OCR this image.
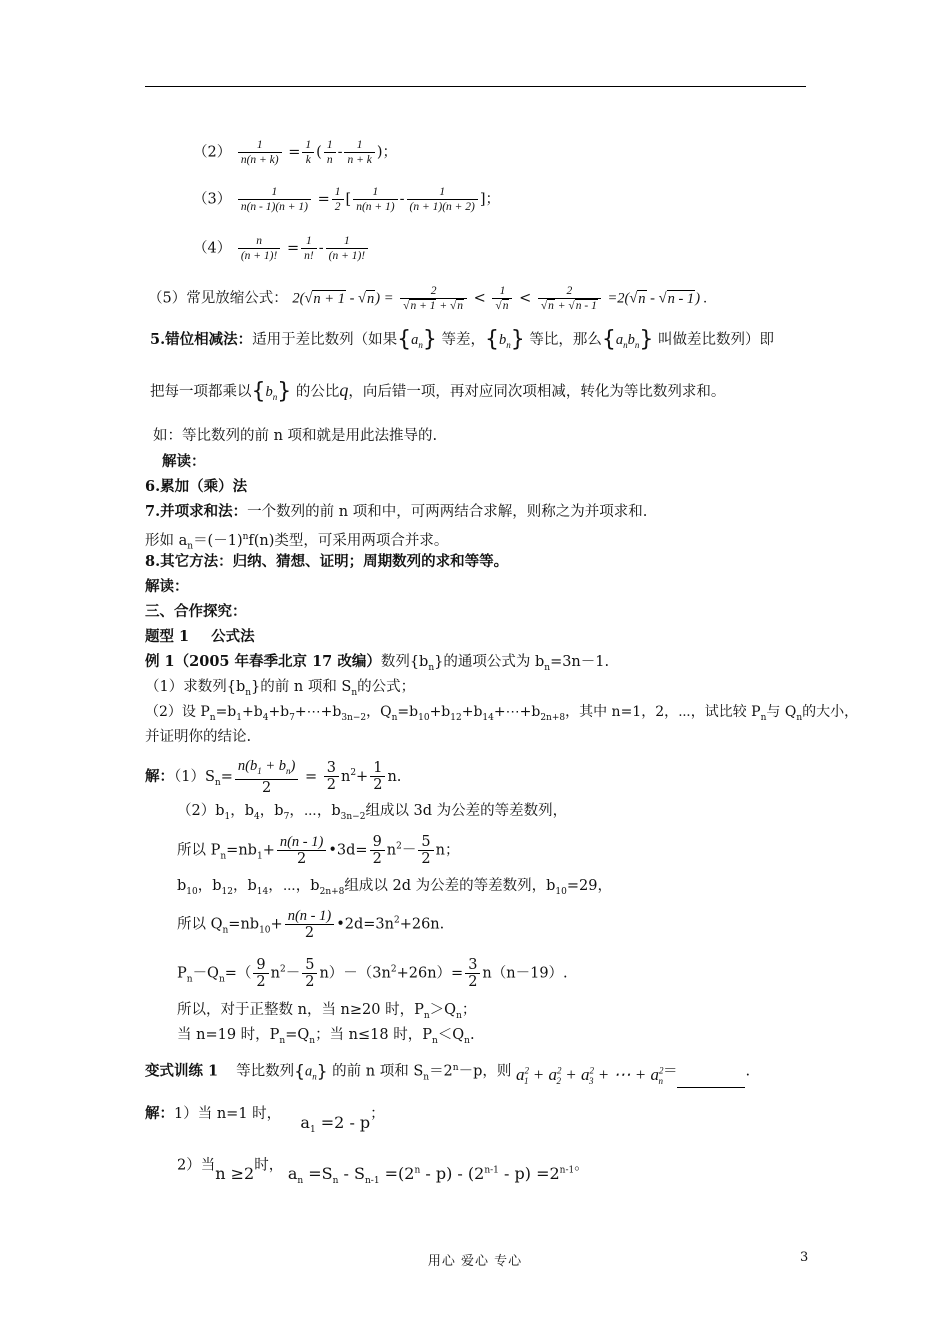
$(2) \frac{1}{n(n + k)} = \frac{1}{k}$ ( $\frac{1}{n} - \frac{1}{n + k}$ )；
$(3) \frac{1}{n(n - 1)(n + 1)} = \frac{1}{2}$ [ $\frac{1}{n(n + 1)} - \frac{1}{(n + 1)(n + 2)}$ ]；
$(4) \frac{n}{(n + 1)!} = \frac{1}{n!} - \frac{1}{(n + 1)!}$
（5）常见放缩公式： $2(√n + 1 - √n) = \frac{2}{√n + 1 + √n} < \frac{1}{√n} < \frac{2}{√n + √n - 1} =2(√n - √n - 1)$ .
5.错位相减法：适用于差比数列（如果$\{a_n\}$ 等差，$\{b_n\}$ 等比，那么$\{a_nb_n\}$ 叫做差比数列）即
把每一项都乘以$\{b_n\}$ 的公比q，向后错一项，再对应同次项相减，转化为等比数列求和。
如：等比数列的前 n 项和就是用此法推导的.
解读：
6.累加（乘）法
7.并项求和法：一个数列的前 n 项和中，可两两结合求解，则称之为并项求和.
形如 $a_n=(-1)^nf(n)$类型，可采用两项合并求。
8.其它方法：归纳、猜想、证明；周期数列的求和等等。
解读：
三、合作探究：
题型 1 公式法
例 1（2005 年春季北京 17 改编）数列$\{b_n\}$的通项公式为 $b_n=3n-1$.
（1）求数列$\{b_n\}$的前 n 项和 $S_n$的公式；
（2）设 $P_n=b_1+b_4+b_7+\cdots+b_{3n-2}$，$Q_n=b_{10}+b_{12}+b_{14}+\cdots+b_{2n+8}$，其中 n=1，2，⋯，试比较 $P_n$与 $Q_n$的大小，
并证明你的结论.
解：$(1)S_n= \frac{n(b_1 + b_n)}{2} = \frac{3}{2} n^2+ \frac{1}{2} n$.
$(2)b_1$，$b_4$，$b_7$，⋯，$b_{3n-2}$组成以 3d 为公差的等差数列，
所以 $P_n=nb_1+ \frac{n(n - 1)}{2}$ •3d= $\frac{9}{2} n^2- \frac{5}{2}$ n；
$b_{10}$，$b_{12}$，$b_{14}$，⋯，$b_{2n+8}$组成以 2d 为公差的等差数列，$b_{10}=29$，
所以 $Q_n=nb_{10}+ \frac{n(n - 1)}{2}$ $•2d=3n^2+26n$.
$P_n-Q_n=( \frac{9}{2} n^2- \frac{5}{2} n)-(3n^2+26n)= \frac{3}{2} n(n-19)$.
所以，对于正整数 n，当 n≥20 时，$P_n>Q_n$；
当 n=19 时，$P_n=Q_n$；当 n≤18 时，$P_n<Q_n$.
变式训练 1 等比数列$\{a_n\}$ 的前 n 项和 $S_n=2^n-p$，则 $a^2_1 + a^2_2 + a^2_3$ + ⋯ + $a^2_n=$	.
解：1）当 n=1 时， $a_1 =2 - p$；
2）当n ≥2时， $a_n =S_n - S_{n-1} =(2^n - p) - (2^{n-1} - p) =2^{n-1}$。
用心 爱心 专心	3
